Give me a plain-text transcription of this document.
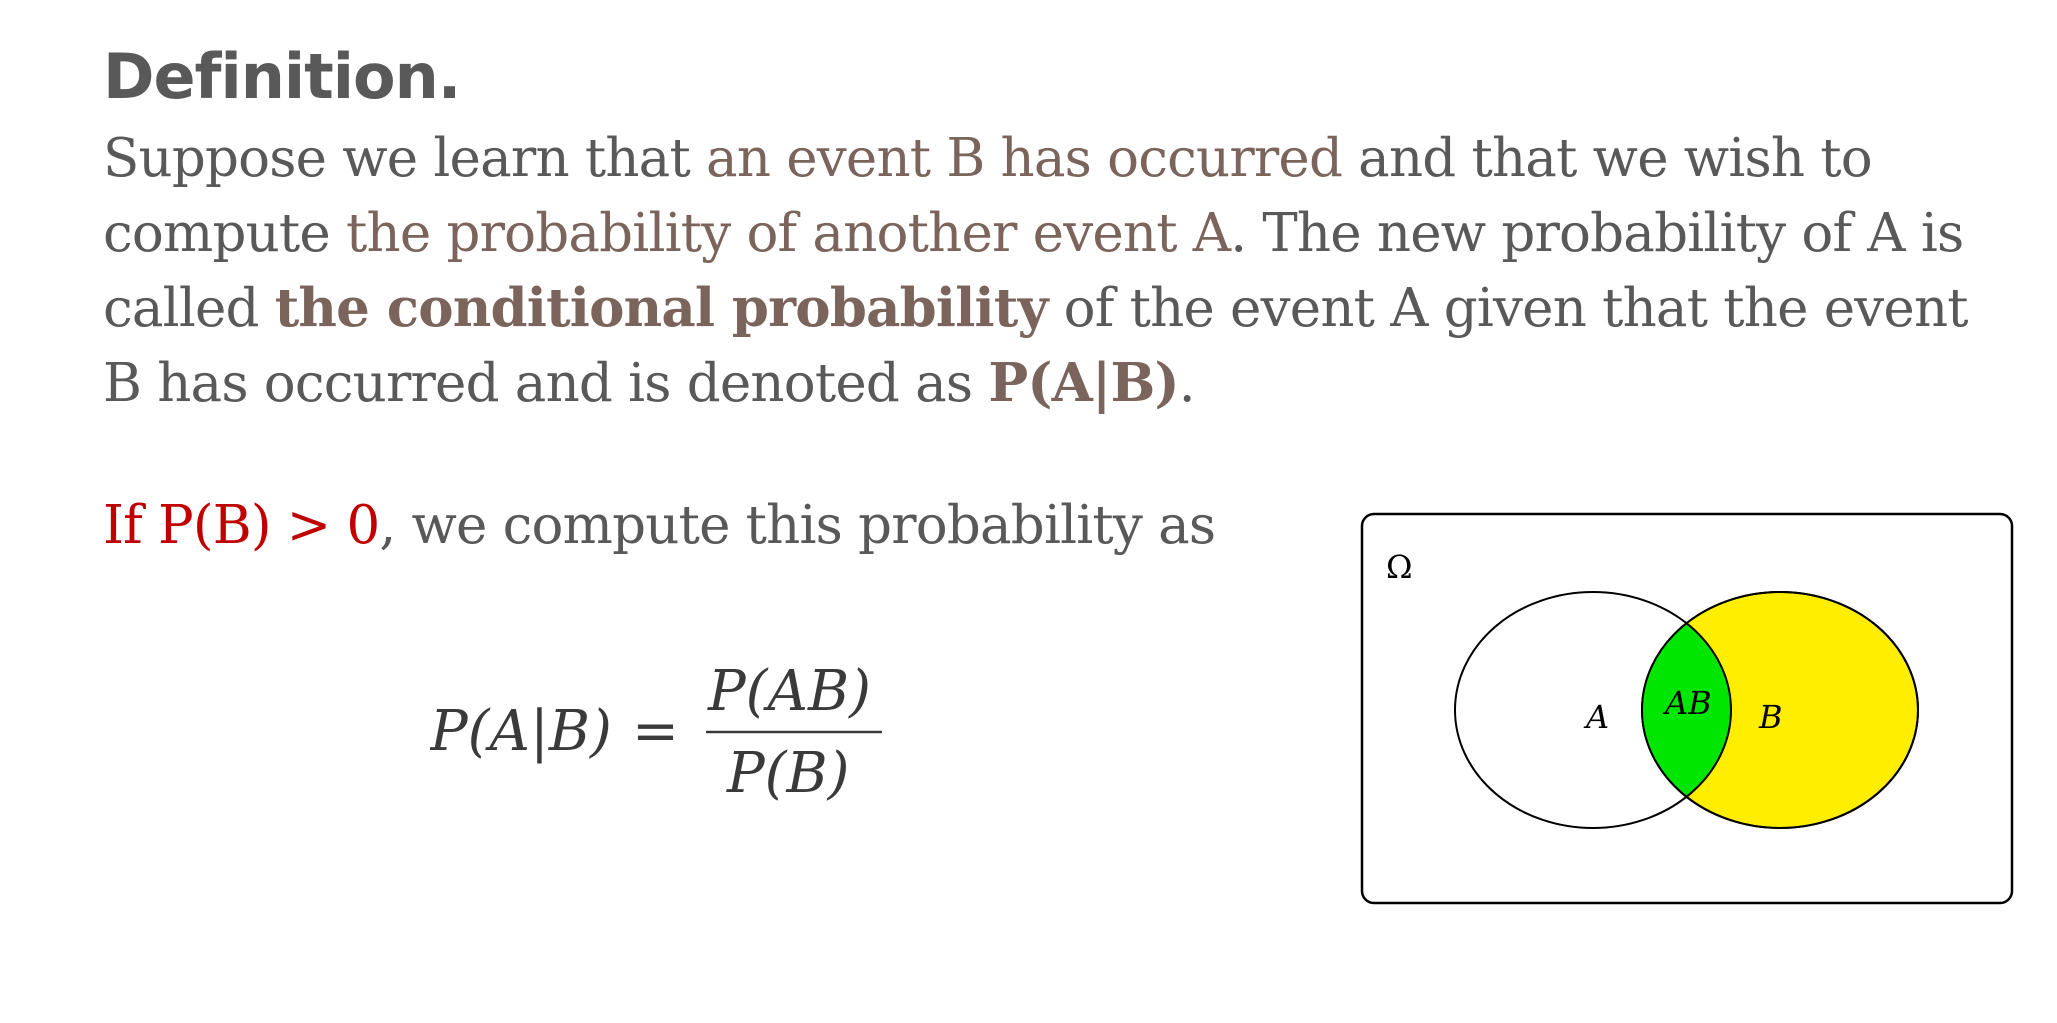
Definition.

Suppose we learn that an event B has occurred and that we wish to compute the probability of another event A. The new probability of A is called the conditional probability of the event A given that the event B has occurred and is denoted as P(A|B).

If P(B) > 0, we compute this probability as
P(A|B) =
P(AB)
P(B)
Ω
A AB B
